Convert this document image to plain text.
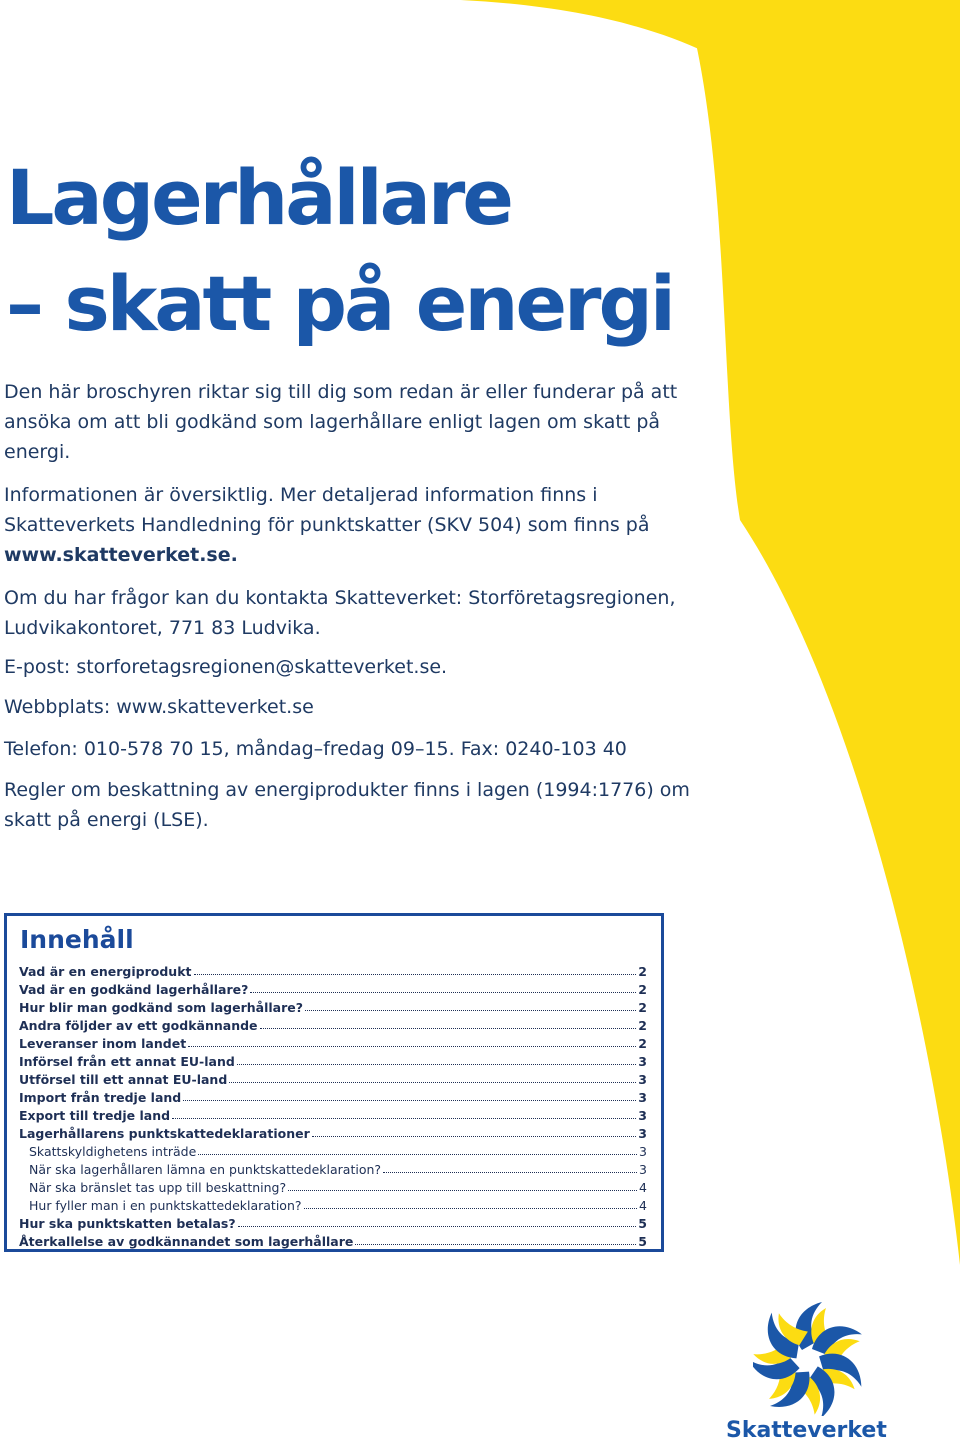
Lagerhållare
– skatt på energi

Den här broschyren riktar sig till dig som redan är eller funderar på att ansöka om att bli godkänd som lagerhållare enligt lagen om skatt på energi.

Informationen är översiktlig. Mer detaljerad information finns i Skatteverkets Handledning för punktskatter (SKV 504) som finns på www.skatteverket.se.

Om du har frågor kan du kontakta Skatteverket: Storföretagsregionen, Ludvikakontoret, 771 83 Ludvika.

E-post: storforetagsregionen@skatteverket.se.

Webbplats: www.skatteverket.se

Telefon: 010-578 70 15, måndag–fredag 09–15. Fax: 0240-103 40

Regler om beskattning av energiprodukter finns i lagen (1994:1776) om skatt på energi (LSE).

Innehåll
Vad är en energiprodukt	2
Vad är en godkänd lagerhållare?	2
Hur blir man godkänd som lagerhållare?	2
Andra följder av ett godkännande	2
Leveranser inom landet	2
Införsel från ett annat EU-land	3
Utförsel till ett annat EU-land	3
Import från tredje land	3
Export till tredje land	3
Lagerhållarens punktskattedeklarationer	3
Skattskyldighetens inträde	3
När ska lagerhållaren lämna en punktskattedeklaration?	3
När ska bränslet tas upp till beskattning?	4
Hur fyller man i en punktskattedeklaration?	4
Hur ska punktskatten betalas?	5
Återkallelse av godkännandet som lagerhållare	5

Skatteverket
